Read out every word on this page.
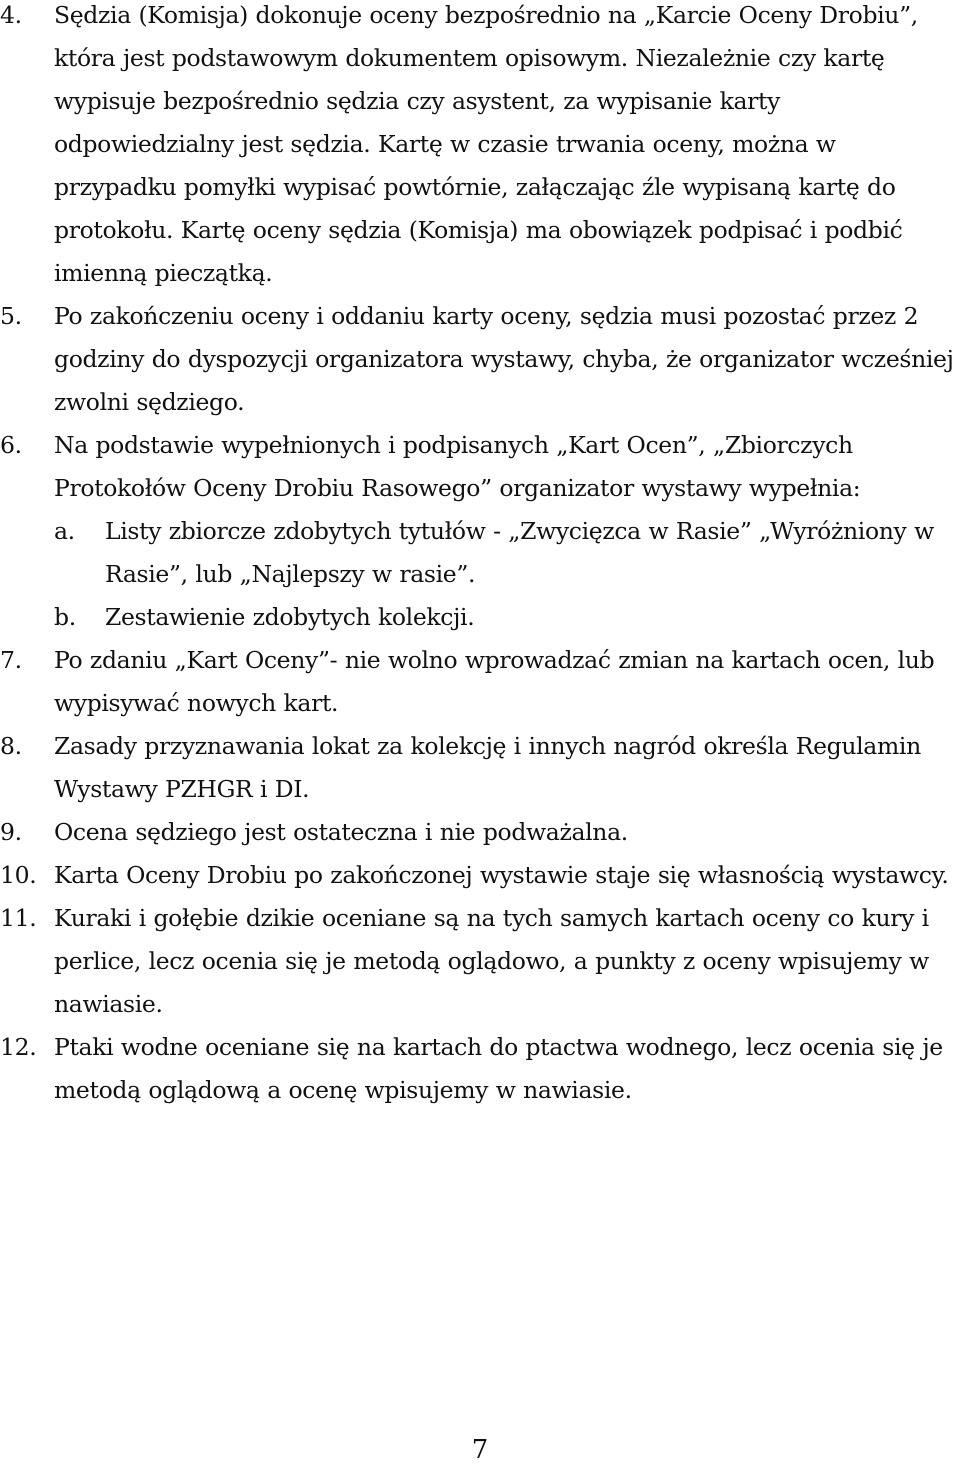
4. Sędzia (Komisja) dokonuje oceny bezpośrednio na „Karcie Oceny Drobiu”, która jest podstawowym dokumentem opisowym. Niezależnie czy kartę wypisuje bezpośrednio sędzia czy asystent, za wypisanie karty odpowiedzialny jest sędzia. Kartę w czasie trwania oceny, można w przypadku pomyłki wypisać powtórnie, załączając źle wypisaną kartę do protokołu. Kartę oceny sędzia (Komisja) ma obowiązek podpisać i podbić imienną pieczątką.
5. Po zakończeniu oceny i oddaniu karty oceny, sędzia musi pozostać przez 2 godziny do dyspozycji organizatora wystawy, chyba, że organizator wcześniej zwolni sędziego.
6. Na podstawie wypełnionych i podpisanych „Kart Ocen”, „Zbiorczych Protokołów Oceny Drobiu Rasowego” organizator wystawy wypełnia:
a. Listy zbiorcze zdobytych tytułów - „Zwycięzca w Rasie” „Wyróżniony w Rasie”, lub „Najlepszy w rasie”.
b. Zestawienie zdobytych kolekcji.
7. Po zdaniu „Kart Oceny”- nie wolno wprowadzać zmian na kartach ocen, lub wypisywać nowych kart.
8. Zasady przyznawania lokat za kolekcję i innych nagród określa Regulamin Wystawy PZHGR i DI.
9. Ocena sędziego jest ostateczna i nie podważalna.
10. Karta Oceny Drobiu po zakończonej wystawie staje się własnością wystawcy.
11. Kuraki i gołębie dzikie oceniane są na tych samych kartach oceny co kury i perlice, lecz ocenia się je metodą oglądowo, a punkty z oceny wpisujemy w nawiasie.
12. Ptaki wodne oceniane się na kartach do ptactwa wodnego, lecz ocenia się je metodą oglądową a ocenę wpisujemy w nawiasie.
7
